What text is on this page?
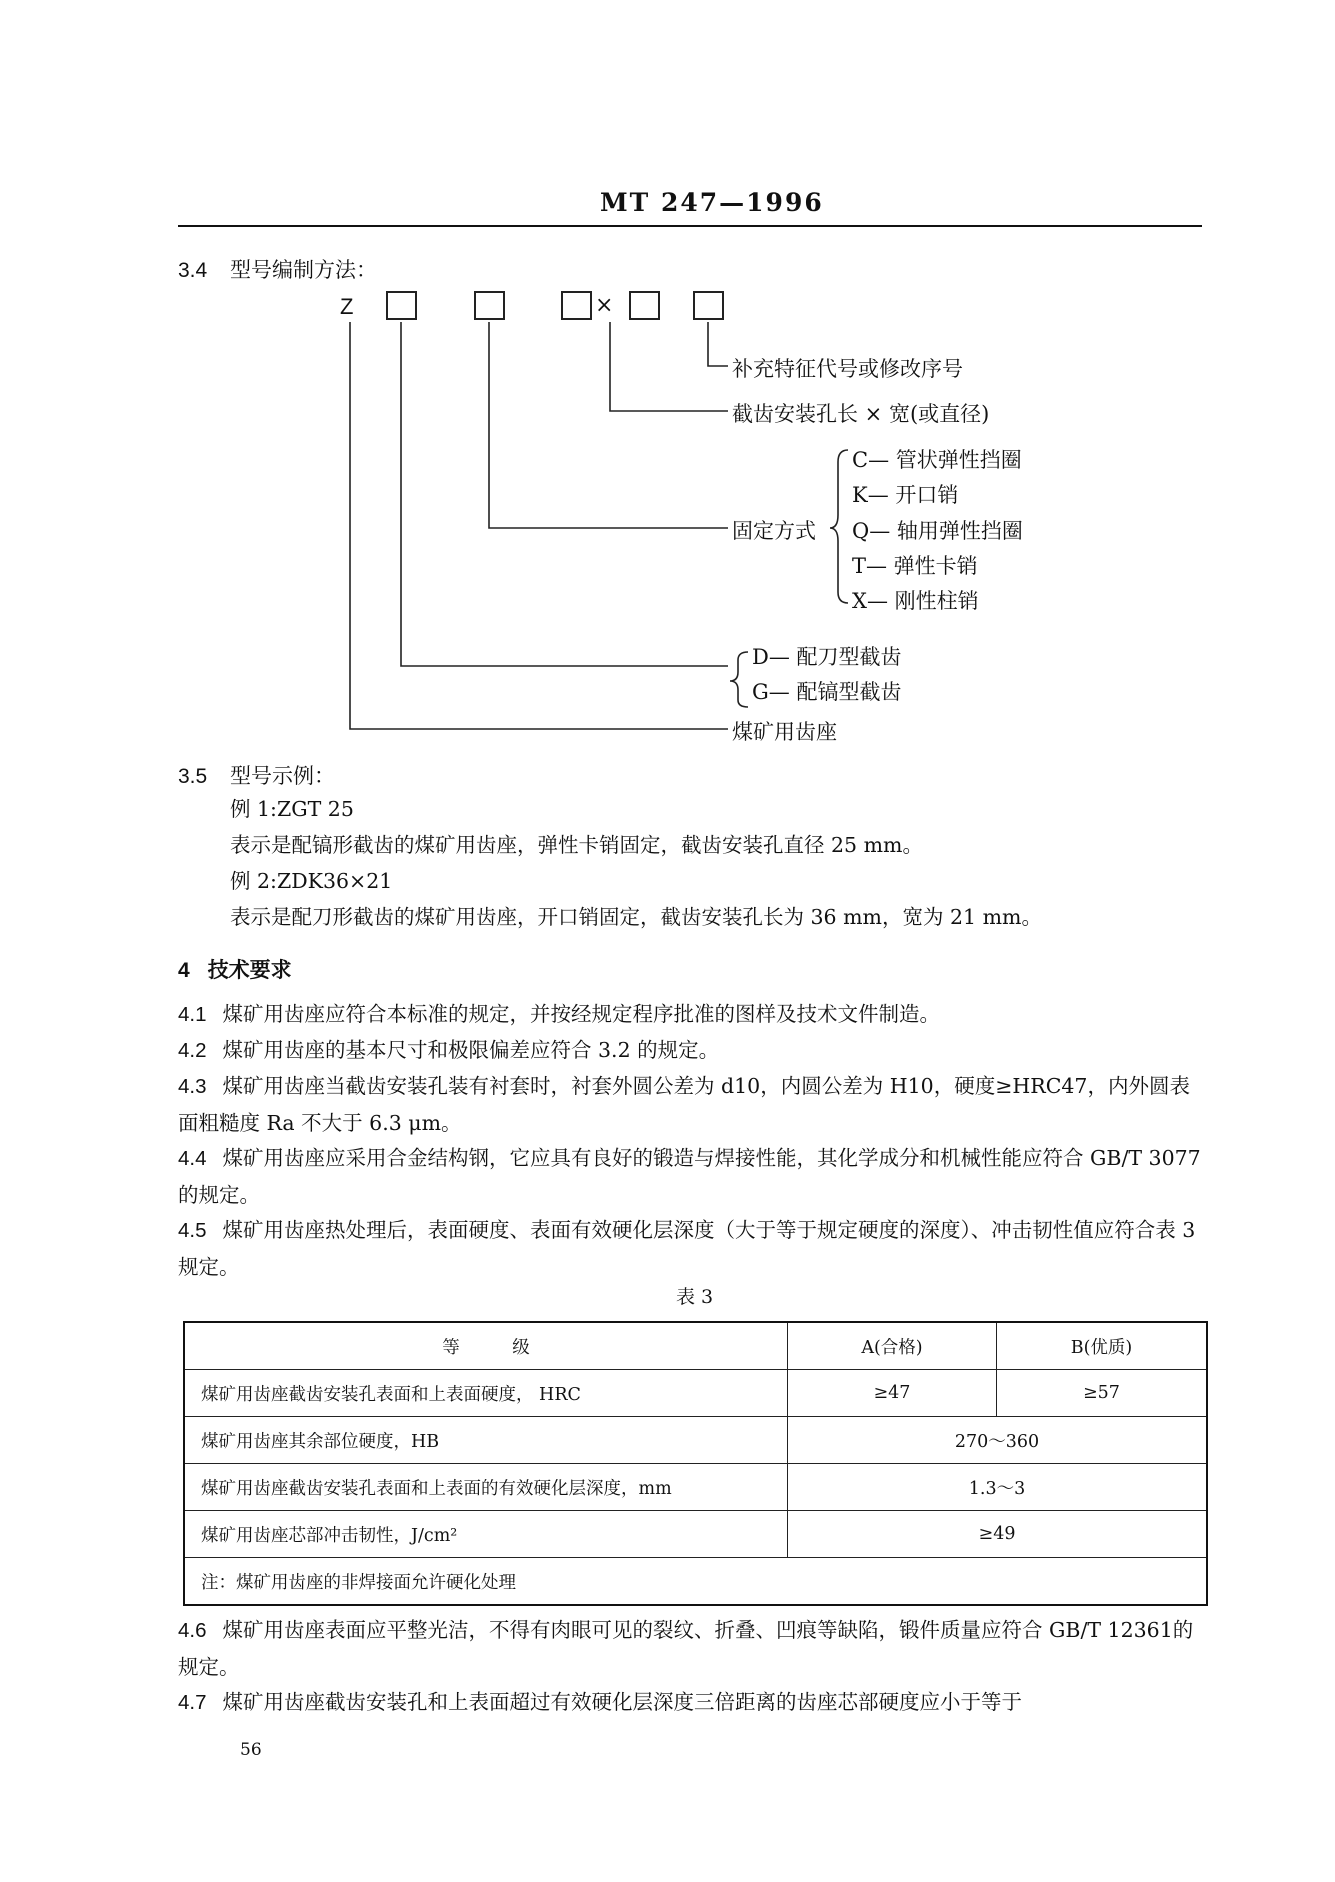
MT 247—1996
3.4 型号编制方法：
Z	×
补充特征代号或修改序号
截齿安装孔长 × 宽(或直径)
固定方式
C— 管状弹性挡圈
K— 开口销
Q— 轴用弹性挡圈
T— 弹性卡销
X— 刚性柱销
D— 配刀型截齿
G— 配镐型截齿
煤矿用齿座
3.5 型号示例：
例 1:ZGT 25
表示是配镐形截齿的煤矿用齿座，弹性卡销固定，截齿安装孔直径 25 mm。
例 2:ZDK36×21
表示是配刀形截齿的煤矿用齿座，开口销固定，截齿安装孔长为 36 mm，宽为 21 mm。
4 技术要求
4.1 煤矿用齿座应符合本标准的规定，并按经规定程序批准的图样及技术文件制造。
4.2 煤矿用齿座的基本尺寸和极限偏差应符合 3.2 的规定。
4.3 煤矿用齿座当截齿安装孔装有衬套时，衬套外圆公差为 d10，内圆公差为 H10，硬度≥HRC47，内外圆表面粗糙度 Ra 不大于 6.3 μm。
4.4 煤矿用齿座应采用合金结构钢，它应具有良好的锻造与焊接性能，其化学成分和机械性能应符合 GB/T 3077 的规定。
4.5 煤矿用齿座热处理后，表面硬度、表面有效硬化层深度（大于等于规定硬度的深度）、冲击韧性值应符合表 3 规定。
表 3
等　　　级	A(合格)	B(优质)
煤矿用齿座截齿安装孔表面和上表面硬度， HRC	≥47	≥57
煤矿用齿座其余部位硬度，HB	270～360	
煤矿用齿座截齿安装孔表面和上表面的有效硬化层深度，mm	1.3～3	
煤矿用齿座芯部冲击韧性，J/cm²	≥49	
注：煤矿用齿座的非焊接面允许硬化处理		
4.6 煤矿用齿座表面应平整光洁，不得有肉眼可见的裂纹、折叠、凹痕等缺陷，锻件质量应符合 GB/T 12361的规定。
4.7 煤矿用齿座截齿安装孔和上表面超过有效硬化层深度三倍距离的齿座芯部硬度应小于等于
56
